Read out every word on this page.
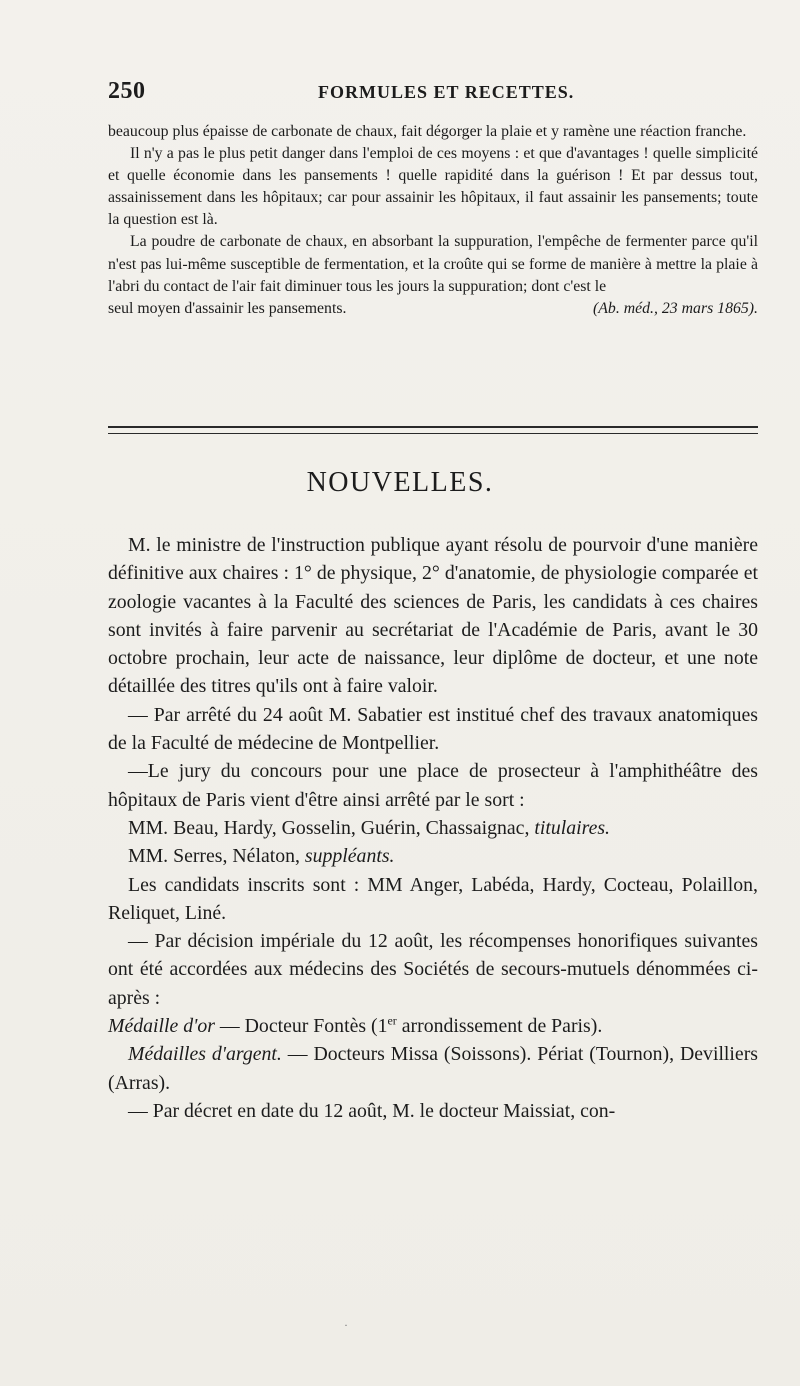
250	FORMULES ET RECETTES.

beaucoup plus épaisse de carbonate de chaux, fait dégorger la plaie et y ramène une réaction franche.

Il n'y a pas le plus petit danger dans l'emploi de ces moyens : et que d'avantages ! quelle simplicité et quelle économie dans les pansements ! quelle rapidité dans la guérison ! Et par dessus tout, assainissement dans les hôpitaux; car pour assainir les hôpitaux, il faut assainir les pansements; toute la question est là.

La poudre de carbonate de chaux, en absorbant la suppuration, l'empêche de fermenter parce qu'il n'est pas lui-même susceptible de fermentation, et la croûte qui se forme de manière à mettre la plaie à l'abri du contact de l'air fait diminuer tous les jours la suppuration; dont c'est le

seul moyen d'assainir les pansements.	(Ab. méd., 23 mars 1865).
NOUVELLES.

M. le ministre de l'instruction publique ayant résolu de pourvoir d'une manière définitive aux chaires : 1° de physique, 2° d'anatomie, de physiologie comparée et zoologie vacantes à la Faculté des sciences de Paris, les candidats à ces chaires sont invités à faire parvenir au secrétariat de l'Académie de Paris, avant le 30 octobre prochain, leur acte de naissance, leur diplôme de docteur, et une note détaillée des titres qu'ils ont à faire valoir.

— Par arrêté du 24 août M. Sabatier est institué chef des travaux anatomiques de la Faculté de médecine de Montpellier.

—Le jury du concours pour une place de prosecteur à l'amphithéâtre des hôpitaux de Paris vient d'être ainsi arrêté par le sort :

MM. Beau, Hardy, Gosselin, Guérin, Chassaignac, titulaires.

MM. Serres, Nélaton, suppléants.

Les candidats inscrits sont : MM Anger, Labéda, Hardy, Cocteau, Polaillon, Reliquet, Liné.

— Par décision impériale du 12 août, les récompenses honorifiques suivantes ont été accordées aux médecins des Sociétés de secours-mutuels dénommées ci-après :

Médaille d'or — Docteur Fontès (1er arrondissement de Paris).

Médailles d'argent. — Docteurs Missa (Soissons). Périat (Tournon), Devilliers (Arras).

— Par décret en date du 12 août, M. le docteur Maissiat, con-

·
